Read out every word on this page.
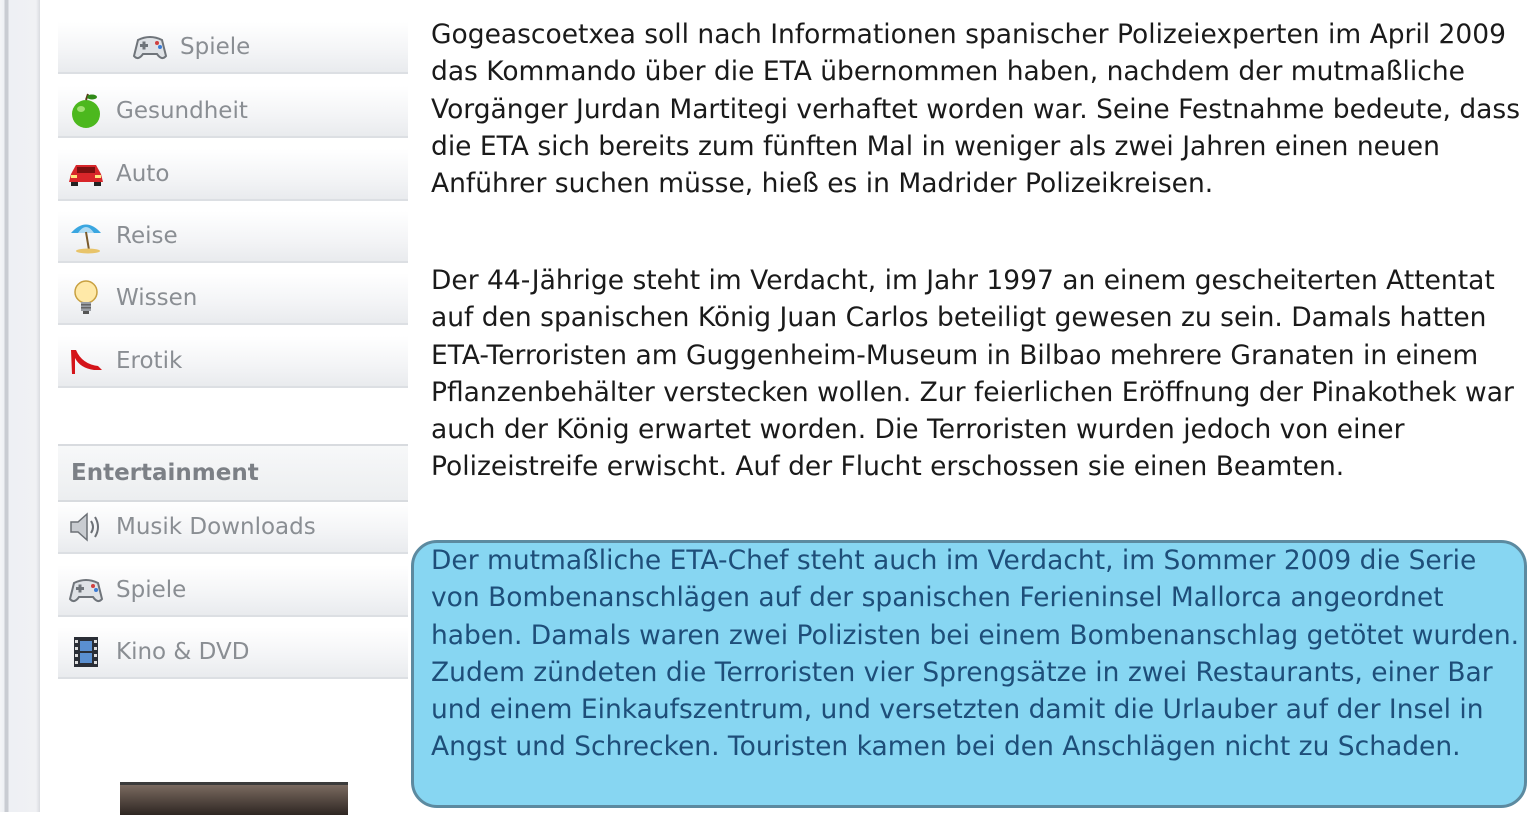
Spiele
Gesundheit
Auto
Reise
Wissen
Erotik
Entertainment
Musik Downloads
Spiele
Kino & DVD

Gogeascoetxea soll nach Informationen spanischer Polizeiexperten im April 2009 das Kommando über die ETA übernommen haben, nachdem der mutmaßliche Vorgänger Jurdan Martitegi verhaftet worden war. Seine Festnahme bedeute, dass die ETA sich bereits zum fünften Mal in weniger als zwei Jahren einen neuen Anführer suchen müsse, hieß es in Madrider Polizeikreisen.

Der 44-Jährige steht im Verdacht, im Jahr 1997 an einem gescheiterten Attentat auf den spanischen König Juan Carlos beteiligt gewesen zu sein. Damals hatten ETA-Terroristen am Guggenheim-Museum in Bilbao mehrere Granaten in einem Pflanzenbehälter verstecken wollen. Zur feierlichen Eröffnung der Pinakothek war auch der König erwartet worden. Die Terroristen wurden jedoch von einer Polizeistreife erwischt. Auf der Flucht erschossen sie einen Beamten.

Der mutmaßliche ETA-Chef steht auch im Verdacht, im Sommer 2009 die Serie von Bombenanschlägen auf der spanischen Ferieninsel Mallorca angeordnet haben. Damals waren zwei Polizisten bei einem Bombenanschlag getötet wurden. Zudem zündeten die Terroristen vier Sprengsätze in zwei Restaurants, einer Bar und einem Einkaufszentrum, und versetzten damit die Urlauber auf der Insel in Angst und Schrecken. Touristen kamen bei den Anschlägen nicht zu Schaden.
